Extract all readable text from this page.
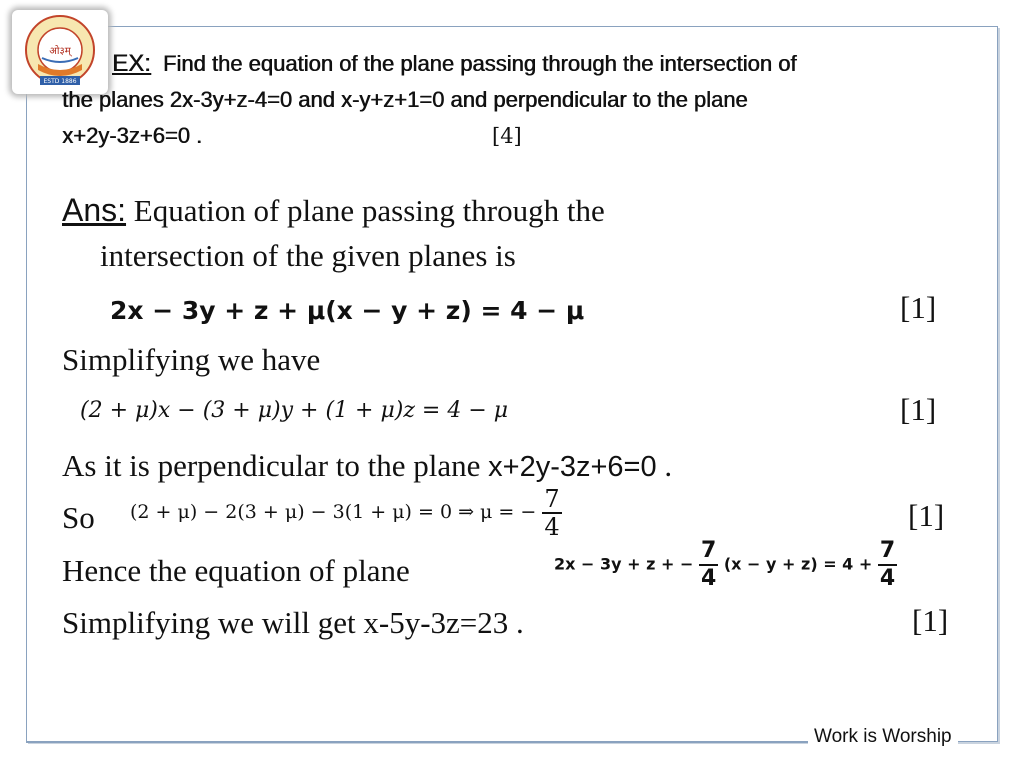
ओ३म्
ESTD 1886
EX: Find the equation of the plane passing through the intersection of
the planes 2x-3y+z-4=0 and x-y+z+1=0 and perpendicular to the plane
x+2y-3z+6=0 .	[4]
Ans: Equation of plane passing through the
intersection of the given planes is
2x − 3y + z + μ(x − y + z) = 4 − μ	[1]
Simplifying we have
(2 + μ)x − (3 + μ)y + (1 + μ)z = 4 − μ	[1]
As it is perpendicular to the plane x+2y-3z+6=0 .
So (2 + μ) − 2(3 + μ) − 3(1 + μ) = 0 ⇒ μ = − $\frac{7}{4}$	[1]
Hence the equation of plane	2x − 3y + z + − $\frac{7}{4} (x - y + z) = 4 + \frac{7}{4}$
Simplifying we will get x-5y-3z=23 .	[1]
Work is Worship
